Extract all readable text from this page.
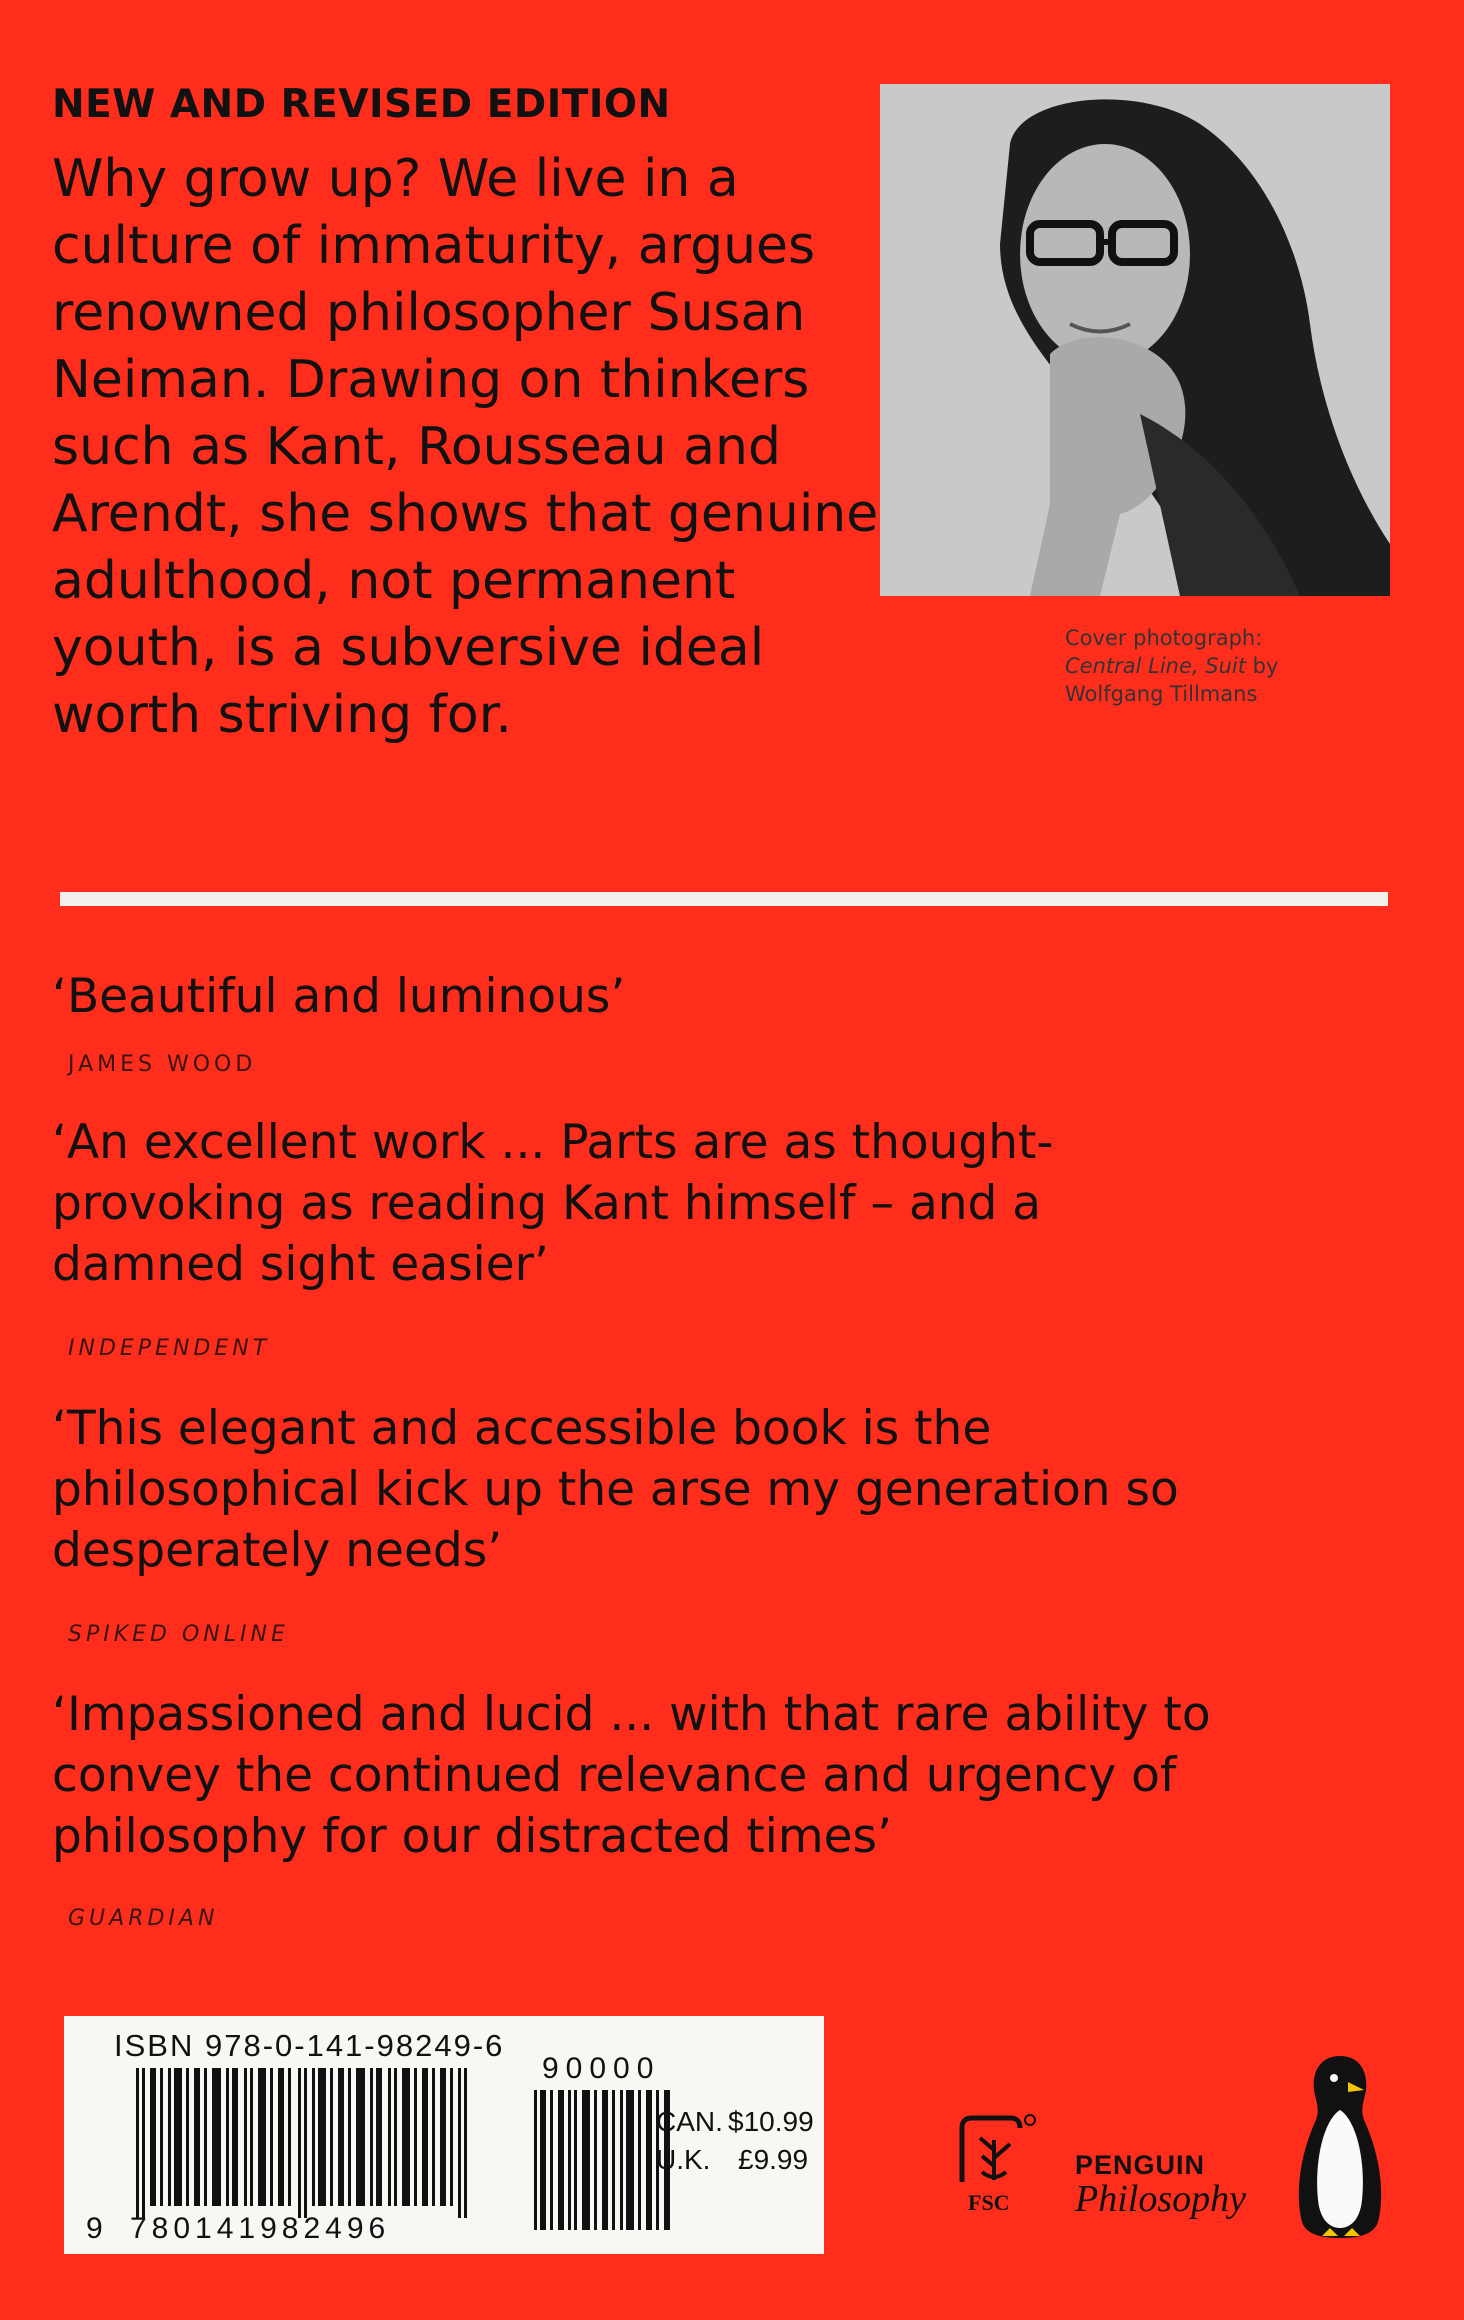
NEW AND REVISED EDITION
Why grow up? We live in a culture of immaturity, argues renowned philosopher Susan Neiman. Drawing on thinkers such as Kant, Rousseau and Arendt, she shows that genuine adulthood, not permanent youth, is a subversive ideal worth striving for.
Cover photograph:
Central Line, Suit by
Wolfgang Tillmans
‘Beautiful and luminous’
JAMES WOOD
‘An excellent work ... Parts are as thought-provoking as reading Kant himself – and a damned sight easier’
INDEPENDENT
‘This elegant and accessible book is the philosophical kick up the arse my generation so desperately needs’
SPIKED ONLINE
‘Impassioned and lucid ... with that rare ability to convey the continued relevance and urgency of philosophy for our distracted times’
GUARDIAN
ISBN 978-0-141-98249-6
9 780141982496
90000
CAN. $10.99
U.K. £9.99
FSC
PENGUIN
Philosophy
